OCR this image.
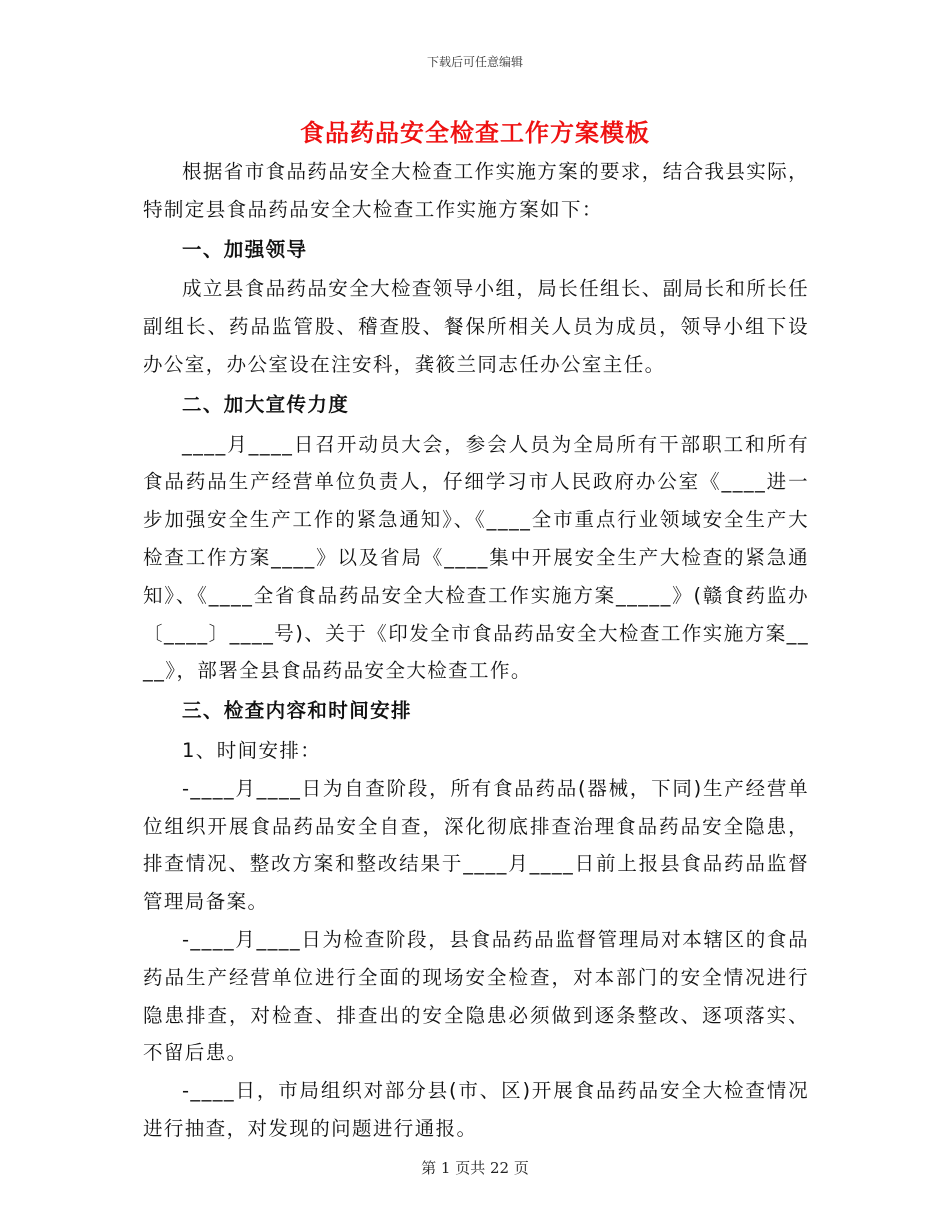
下载后可任意编辑
食品药品安全检查工作方案模板

根据省市食品药品安全大检查工作实施方案的要求，结合我县实际，特制定县食品药品安全大检查工作实施方案如下：

一、加强领导

成立县食品药品安全大检查领导小组，局长任组长、副局长和所长任副组长、药品监管股、稽查股、餐保所相关人员为成员，领导小组下设办公室，办公室设在注安科，龚筱兰同志任办公室主任。

二、加大宣传力度

____月____日召开动员大会，参会人员为全局所有干部职工和所有食品药品生产经营单位负责人，仔细学习市人民政府办公室《____进一步加强安全生产工作的紧急通知》、《____全市重点行业领域安全生产大检查工作方案____》以及省局《____集中开展安全生产大检查的紧急通知》、《____全省食品药品安全大检查工作实施方案_____》(赣食药监办〔____〕____号)、关于《印发全市食品药品安全大检查工作实施方案____》，部署全县食品药品安全大检查工作。

三、检查内容和时间安排

1、时间安排：

-____月____日为自查阶段，所有食品药品(器械，下同)生产经营单位组织开展食品药品安全自查，深化彻底排查治理食品药品安全隐患，排查情况、整改方案和整改结果于____月____日前上报县食品药品监督管理局备案。

-____月____日为检查阶段，县食品药品监督管理局对本辖区的食品药品生产经营单位进行全面的现场安全检查，对本部门的安全情况进行隐患排查，对检查、排查出的安全隐患必须做到逐条整改、逐项落实、不留后患。

-____日，市局组织对部分县(市、区)开展食品药品安全大检查情况进行抽查，对发现的问题进行通报。

第 1 页共 22 页
